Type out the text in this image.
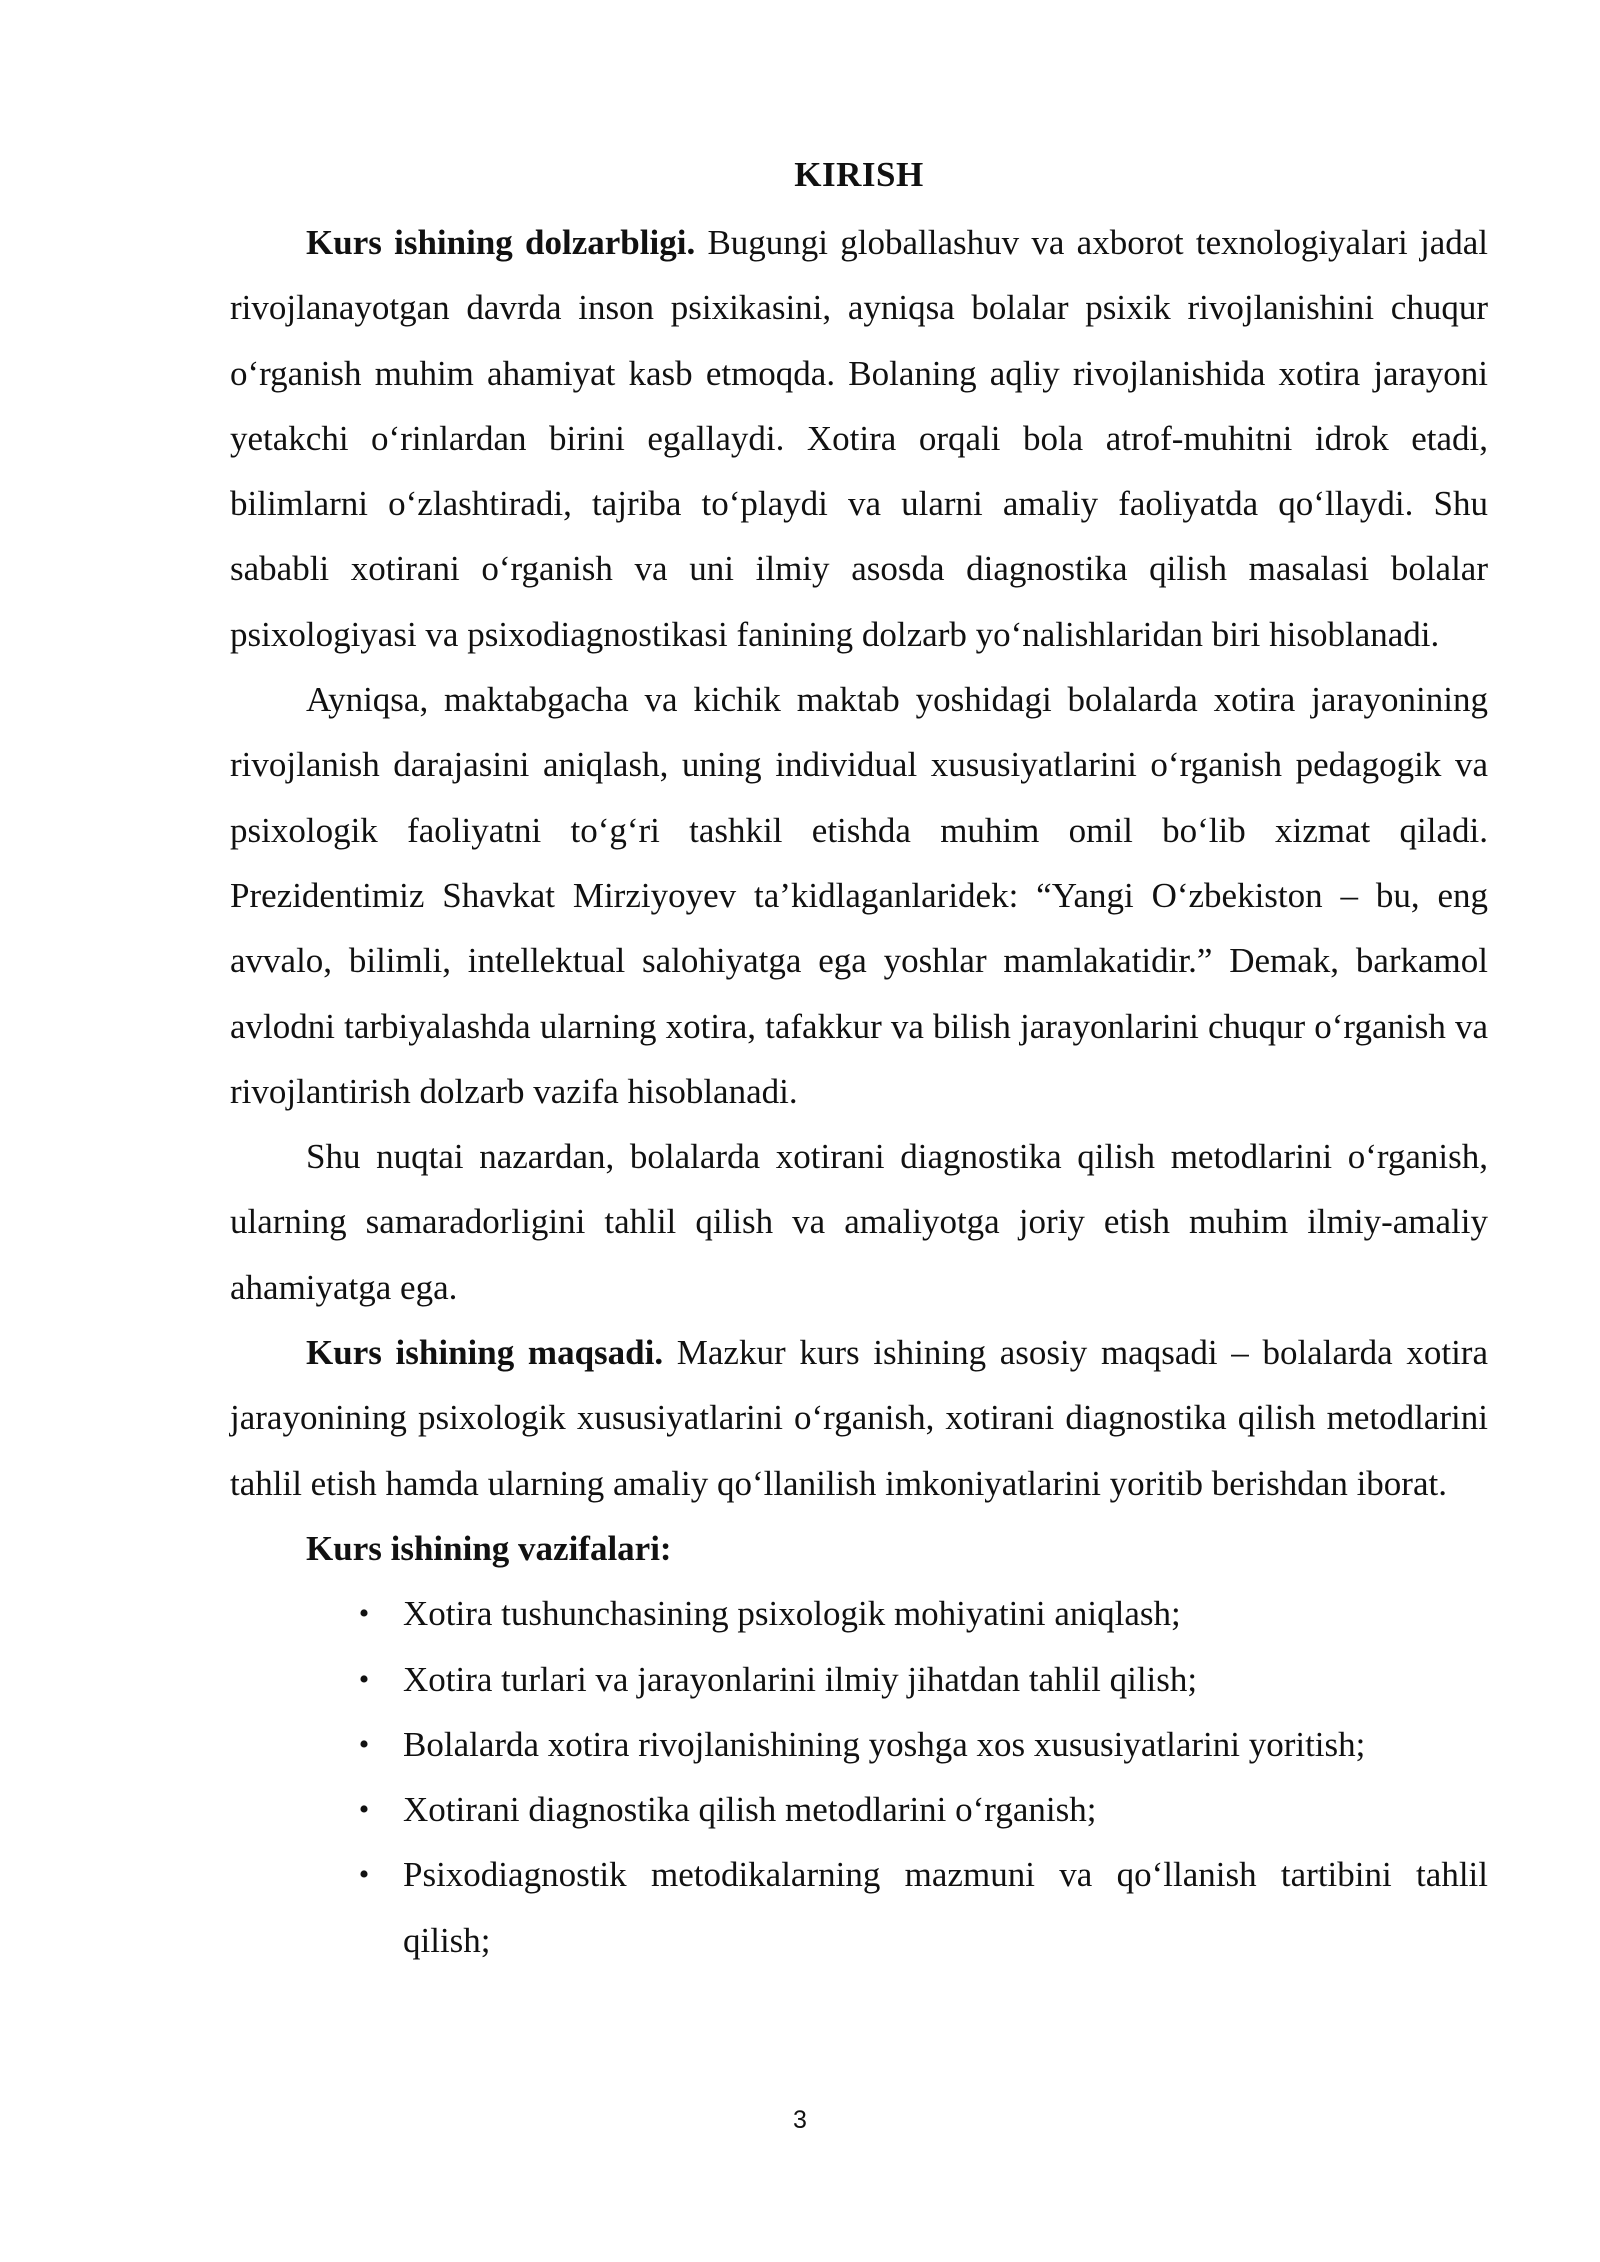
KIRISH

Kurs ishining dolzarbligi. Bugungi globallashuv va axborot texnologiyalari jadal rivojlanayotgan davrda inson psixikasini, ayniqsa bolalar psixik rivojlanishini chuqur o‘rganish muhim ahamiyat kasb etmoqda. Bolaning aqliy rivojlanishida xotira jarayoni yetakchi o‘rinlardan birini egallaydi. Xotira orqali bola atrof-muhitni idrok etadi, bilimlarni o‘zlashtiradi, tajriba to‘playdi va ularni amaliy faoliyatda qo‘llaydi. Shu sababli xotirani o‘rganish va uni ilmiy asosda diagnostika qilish masalasi bolalar psixologiyasi va psixodiagnostikasi fanining dolzarb yo‘nalishlaridan biri hisoblanadi.

Ayniqsa, maktabgacha va kichik maktab yoshidagi bolalarda xotira jarayonining rivojlanish darajasini aniqlash, uning individual xususiyatlarini o‘rganish pedagogik va psixologik faoliyatni to‘g‘ri tashkil etishda muhim omil bo‘lib xizmat qiladi. Prezidentimiz Shavkat Mirziyoyev ta’kidlaganlaridek: “Yangi O‘zbekiston – bu, eng avvalo, bilimli, intellektual salohiyatga ega yoshlar mamlakatidir.” Demak, barkamol avlodni tarbiyalashda ularning xotira, tafakkur va bilish jarayonlarini chuqur o‘rganish va rivojlantirish dolzarb vazifa hisoblanadi.

Shu nuqtai nazardan, bolalarda xotirani diagnostika qilish metodlarini o‘rganish, ularning samaradorligini tahlil qilish va amaliyotga joriy etish muhim ilmiy-amaliy ahamiyatga ega.

Kurs ishining maqsadi. Mazkur kurs ishining asosiy maqsadi – bolalarda xotira jarayonining psixologik xususiyatlarini o‘rganish, xotirani diagnostika qilish metodlarini tahlil etish hamda ularning amaliy qo‘llanilish imkoniyatlarini yoritib berishdan iborat.

Kurs ishining vazifalari:

• Xotira tushunchasining psixologik mohiyatini aniqlash;
• Xotira turlari va jarayonlarini ilmiy jihatdan tahlil qilish;
• Bolalarda xotira rivojlanishining yoshga xos xususiyatlarini yoritish;
• Xotirani diagnostika qilish metodlarini o‘rganish;
• Psixodiagnostik metodikalarning mazmuni va qo‘llanish tartibini tahlil qilish;
3
